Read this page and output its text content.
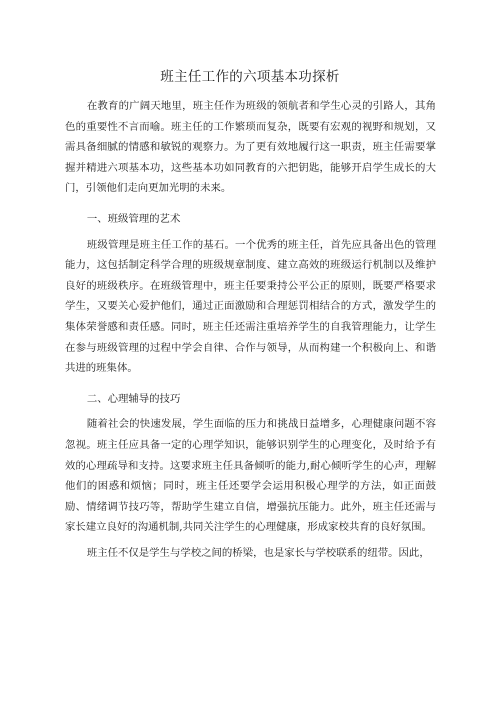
班主任工作的六项基本功探析

在教育的广阔天地里，班主任作为班级的领航者和学生心灵的引路人，其角色的重要性不言而喻。班主任的工作繁琐而复杂，既要有宏观的视野和规划，又需具备细腻的情感和敏锐的观察力。为了更有效地履行这一职责，班主任需要掌握并精进六项基本功，这些基本功如同教育的六把钥匙，能够开启学生成长的大门，引领他们走向更加光明的未来。

一、班级管理的艺术

班级管理是班主任工作的基石。一个优秀的班主任，首先应具备出色的管理能力，这包括制定科学合理的班级规章制度、建立高效的班级运行机制以及维护良好的班级秩序。在班级管理中，班主任要秉持公平公正的原则，既要严格要求学生，又要关心爱护他们，通过正面激励和合理惩罚相结合的方式，激发学生的集体荣誉感和责任感。同时，班主任还需注重培养学生的自我管理能力，让学生在参与班级管理的过程中学会自律、合作与领导，从而构建一个积极向上、和谐共进的班集体。

二、心理辅导的技巧

随着社会的快速发展，学生面临的压力和挑战日益增多，心理健康问题不容忽视。班主任应具备一定的心理学知识，能够识别学生的心理变化，及时给予有效的心理疏导和支持。这要求班主任具备倾听的能力,耐心倾听学生的心声，理解他们的困惑和烦恼；同时，班主任还要学会运用积极心理学的方法，如正面鼓励、情绪调节技巧等，帮助学生建立自信，增强抗压能力。此外，班主任还需与家长建立良好的沟通机制,共同关注学生的心理健康，形成家校共育的良好氛围。

班主任不仅是学生与学校之间的桥梁，也是家长与学校联系的纽带。因此，
